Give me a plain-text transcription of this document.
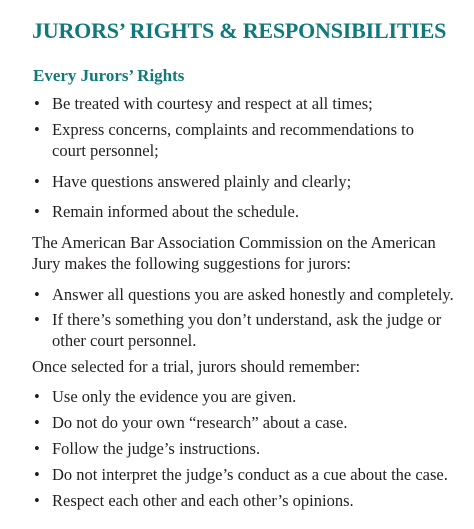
JURORS’ RIGHTS & RESPONSIBILITIES
Every Jurors’ Rights
• Be treated with courtesy and respect at all times;
• Express concerns, complaints and recommendations to
court personnel;
• Have questions answered plainly and clearly;
• Remain informed about the schedule.

The American Bar Association Commission on the American

Jury makes the following suggestions for jurors:

• Answer all questions you are asked honestly and completely.
• If there’s something you don’t understand, ask the judge or
other court personnel.

Once selected for a trial, jurors should remember:

• Use only the evidence you are given.
• Do not do your own “research” about a case.
• Follow the judge’s instructions.
• Do not interpret the judge’s conduct as a cue about the case.
• Respect each other and each other’s opinions.
